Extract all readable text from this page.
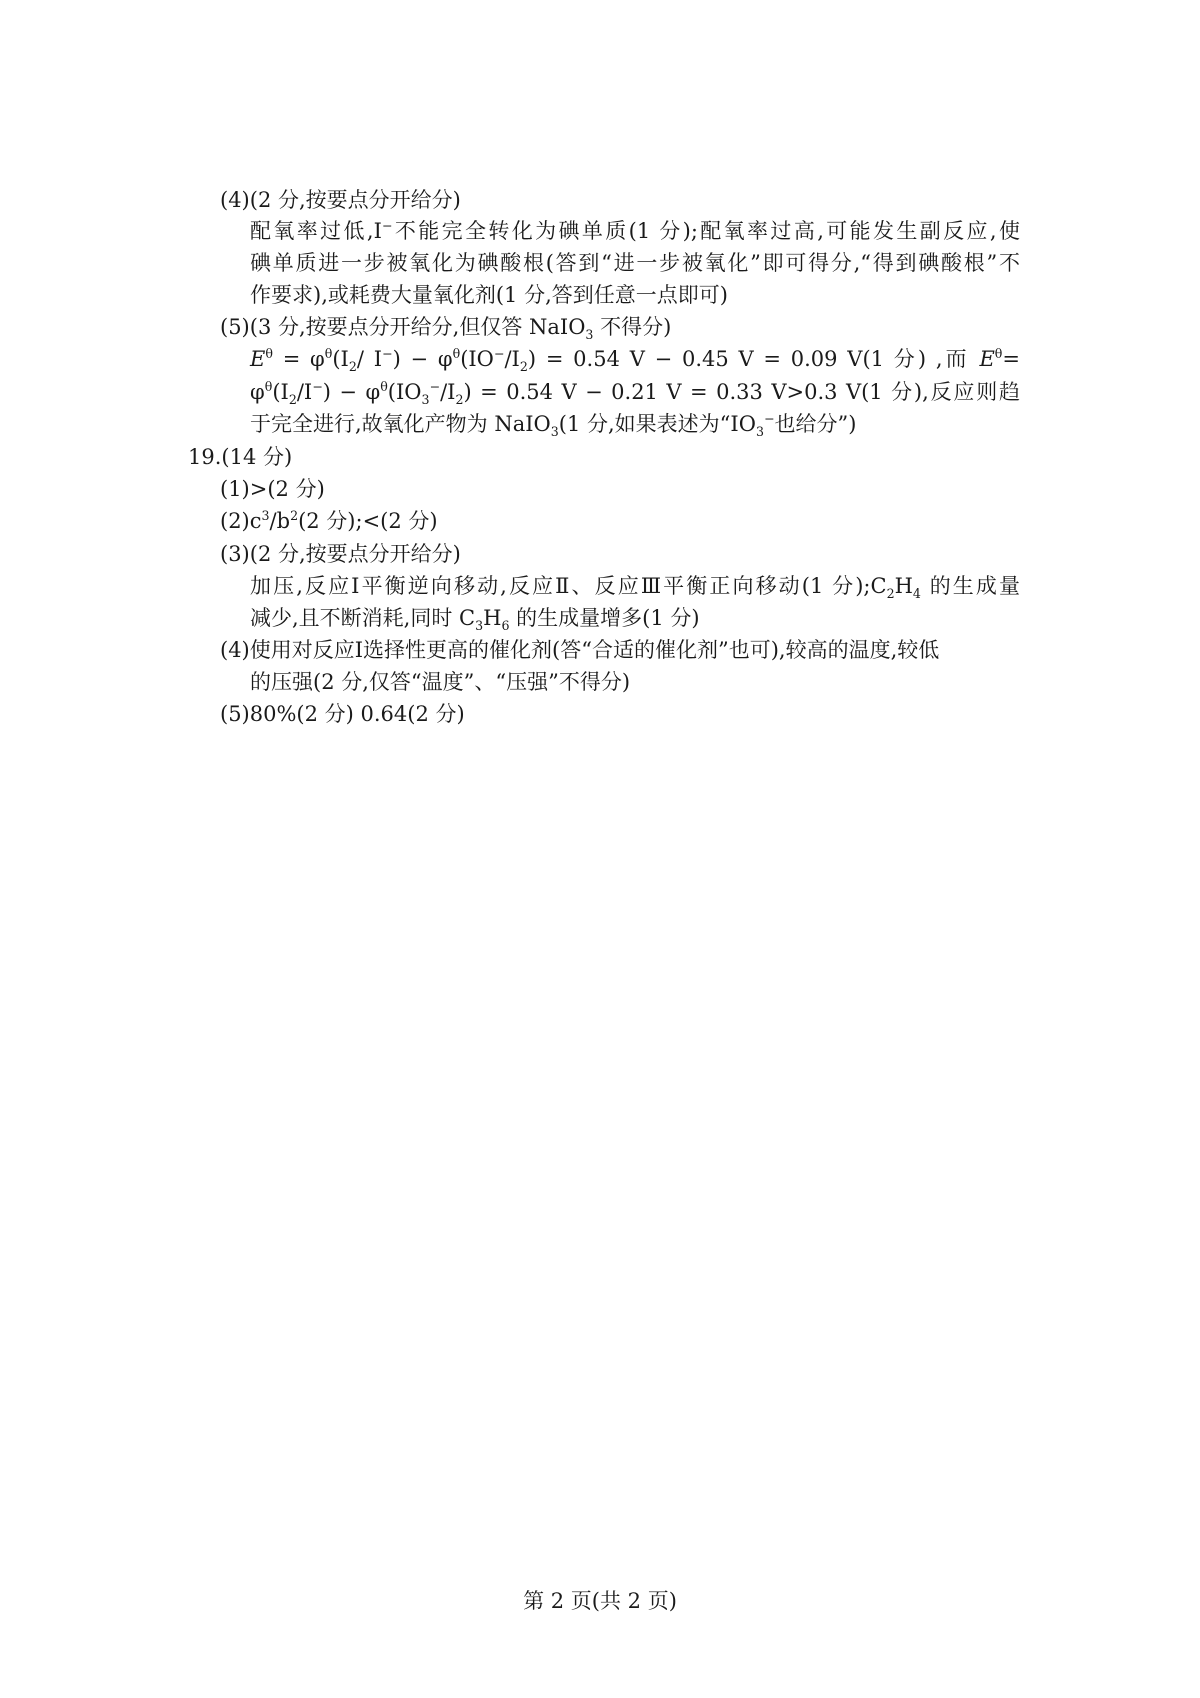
(4)(2 分,按要点分开给分)
配氧率过低,I−不能完全转化为碘单质(1 分);配氧率过高,可能发生副反应,使
碘单质进一步被氧化为碘酸根(答到“进一步被氧化”即可得分,“得到碘酸根”不
作要求),或耗费大量氧化剂(1 分,答到任意一点即可)
(5)(3 分,按要点分开给分,但仅答 NaIO$_3$ 不得分)
$E^\theta = \varphi^\theta(I_2/$ $I^-) - \varphi^\theta(IO^-/I_2) = 0.54$ V − 0.45 V = 0.09 V(1 分) ,而 $E^\theta=$
$\varphi^\theta(I_2/I^-) - \varphi^\theta(IO_3^-/I_2) = 0.54$ V − 0.21 V = 0.33 V>0.3 V(1 分),反应则趋
于完全进行,故氧化产物为 NaIO$_3$(1 分,如果表述为“$IO_3^-$也给分”)
19.(14 分)
(1)>(2 分)
$(2)c^3/b^2(2$ 分);<(2 分)
(3)(2 分,按要点分开给分)
加压,反应Ⅰ平衡逆向移动,反应Ⅱ、反应Ⅲ平衡正向移动(1 分)$;C_2H_4$ 的生成量
减少,且不断消耗,同时 $C_3H_6$ 的生成量增多(1 分)
(4)使用对反应Ⅰ选择性更高的催化剂(答“合适的催化剂”也可),较高的温度,较低
的压强(2 分,仅答“温度”、“压强”不得分)
(5)80%(2 分) 0.64(2 分)
第 2 页(共 2 页)
